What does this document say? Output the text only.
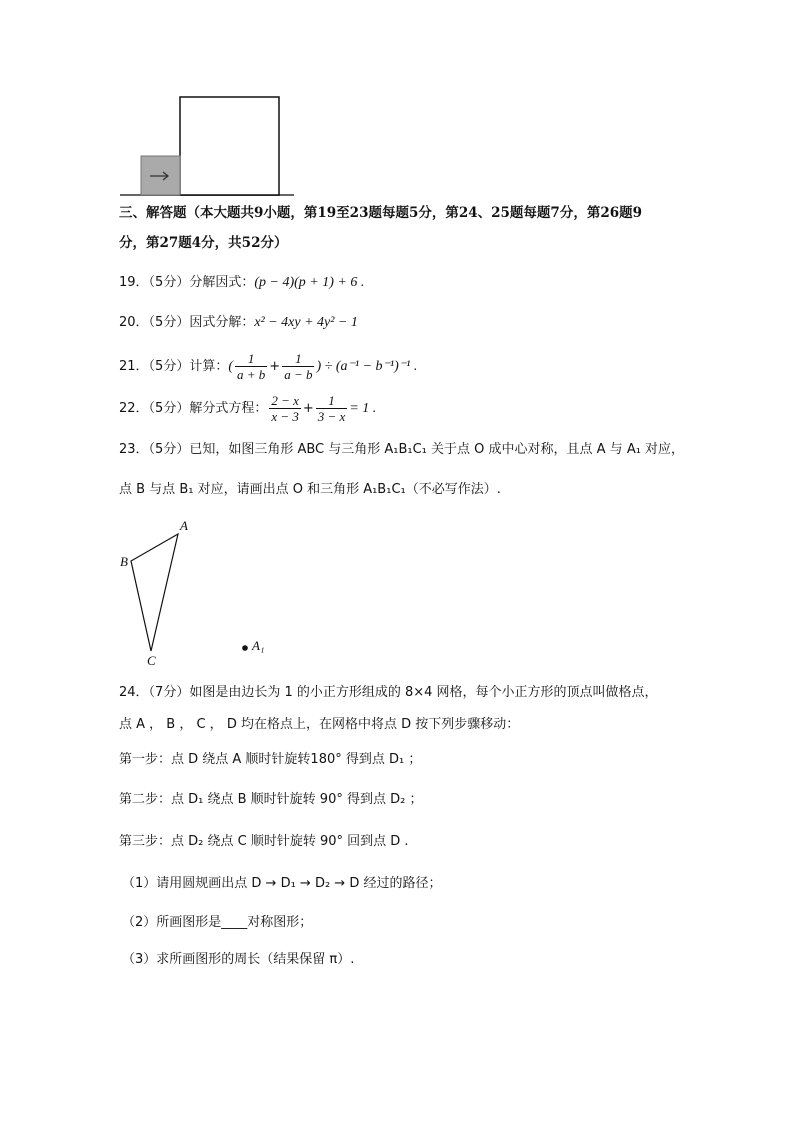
A
B
C
A₁
三、解答题（本大题共9小题，第19至23题每题5分，第24、25题每题7分，第26题9
分，第27题4分，共52分）
19．（5分）分解因式：(p − 4)(p + 1) + 6 .
20．（5分）因式分解：x² − 4xy + 4y² − 1
21．（5分）计算：( $\frac{1}{a + b} + \frac{1}{a - b}$ ) ÷ (a⁻¹ − b⁻¹)⁻¹ .
22．（5分）解分式方程： $\frac{2 - x}{x - 3} + \frac{1}{3 - x} = 1$ .
23．（5分）已知，如图三角形 ABC 与三角形 A₁B₁C₁ 关于点 O 成中心对称，且点 A 与 A₁ 对应，
点 B 与点 B₁ 对应，请画出点 O 和三角形 A₁B₁C₁（不必写作法）.
24．（7分）如图是由边长为 1 的小正方形组成的 8×4 网格，每个小正方形的顶点叫做格点，
点 A ， B ， C ， D 均在格点上，在网格中将点 D 按下列步骤移动：
第一步：点 D 绕点 A 顺时针旋转180° 得到点 D₁ ；
第二步：点 D₁ 绕点 B 顺时针旋转 90° 得到点 D₂ ；
第三步：点 D₂ 绕点 C 顺时针旋转 90° 回到点 D .
（1）请用圆规画出点 D → D₁ → D₂ → D 经过的路径；
（2）所画图形是____对称图形；
（3）求所画图形的周长（结果保留 π）.
